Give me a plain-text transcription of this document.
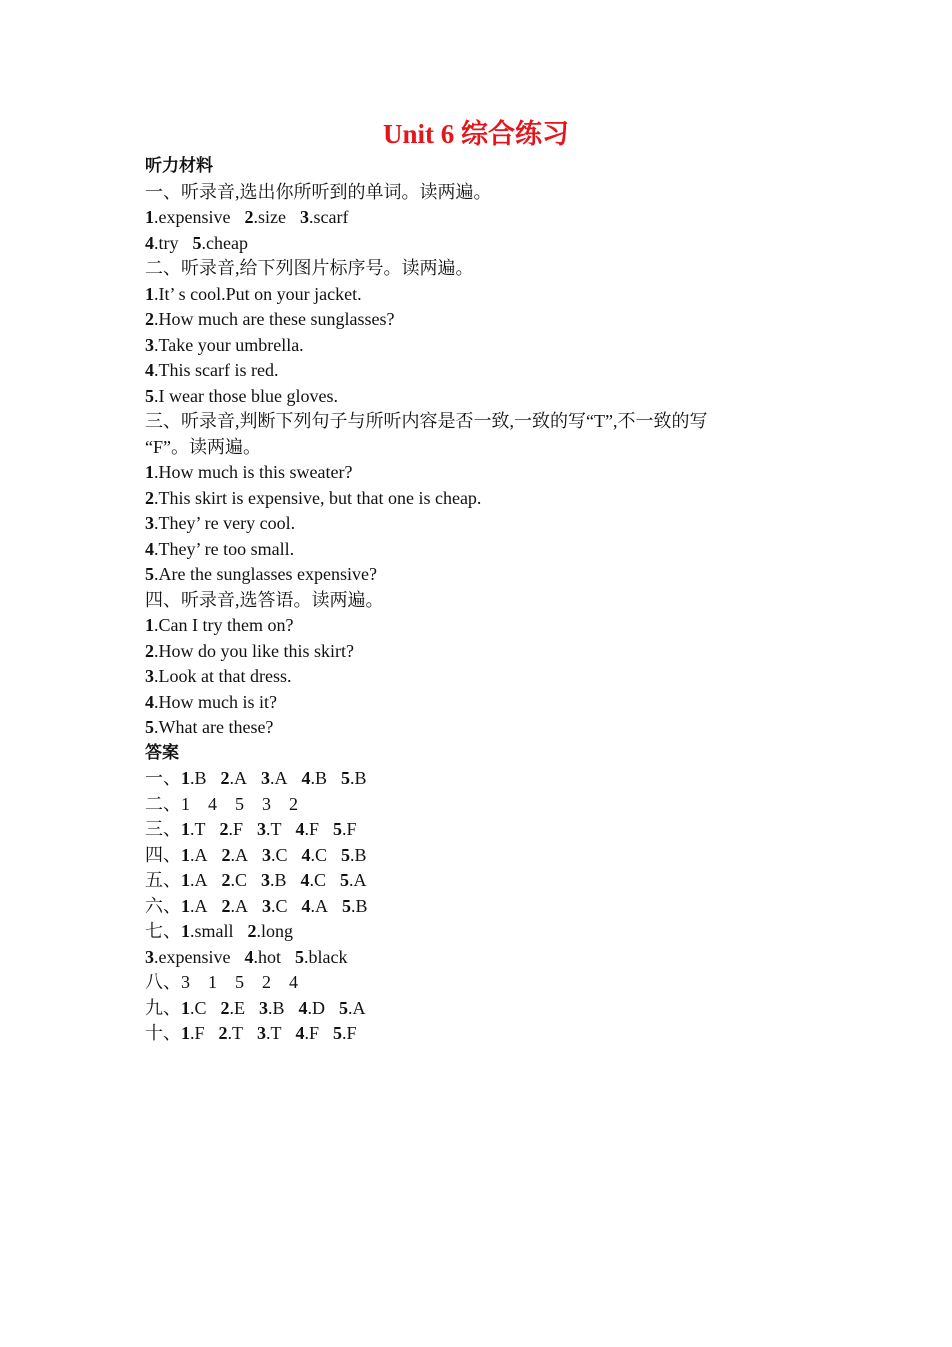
Unit 6 综合练习
听力材料
一、听录音,选出你所听到的单词。读两遍。
1.expensive 2.size 3.scarf
4.try 5.cheap
二、听录音,给下列图片标序号。读两遍。
1.It’ s cool.Put on your jacket.
2.How much are these sunglasses?
3.Take your umbrella.
4.This scarf is red.
5.I wear those blue gloves.
三、听录音,判断下列句子与所听内容是否一致,一致的写“T”,不一致的写
“F”。读两遍。
1.How much is this sweater?
2.This skirt is expensive, but that one is cheap.
3.They’ re very cool.
4.They’ re too small.
5.Are the sunglasses expensive?
四、听录音,选答语。读两遍。
1.Can I try them on?
2.How do you like this skirt?
3.Look at that dress.
4.How much is it?
5.What are these?
答案
一、1.B 2.A 3.A 4.B 5.B
二、1    4    5    3    2
三、1.T 2.F 3.T 4.F 5.F
四、1.A 2.A 3.C 4.C 5.B
五、1.A 2.C 3.B 4.C 5.A
六、1.A 2.A 3.C 4.A 5.B
七、1.small 2.long
3.expensive 4.hot 5.black
八、3    1    5    2    4
九、1.C 2.E 3.B 4.D 5.A
十、1.F 2.T 3.T 4.F 5.F
